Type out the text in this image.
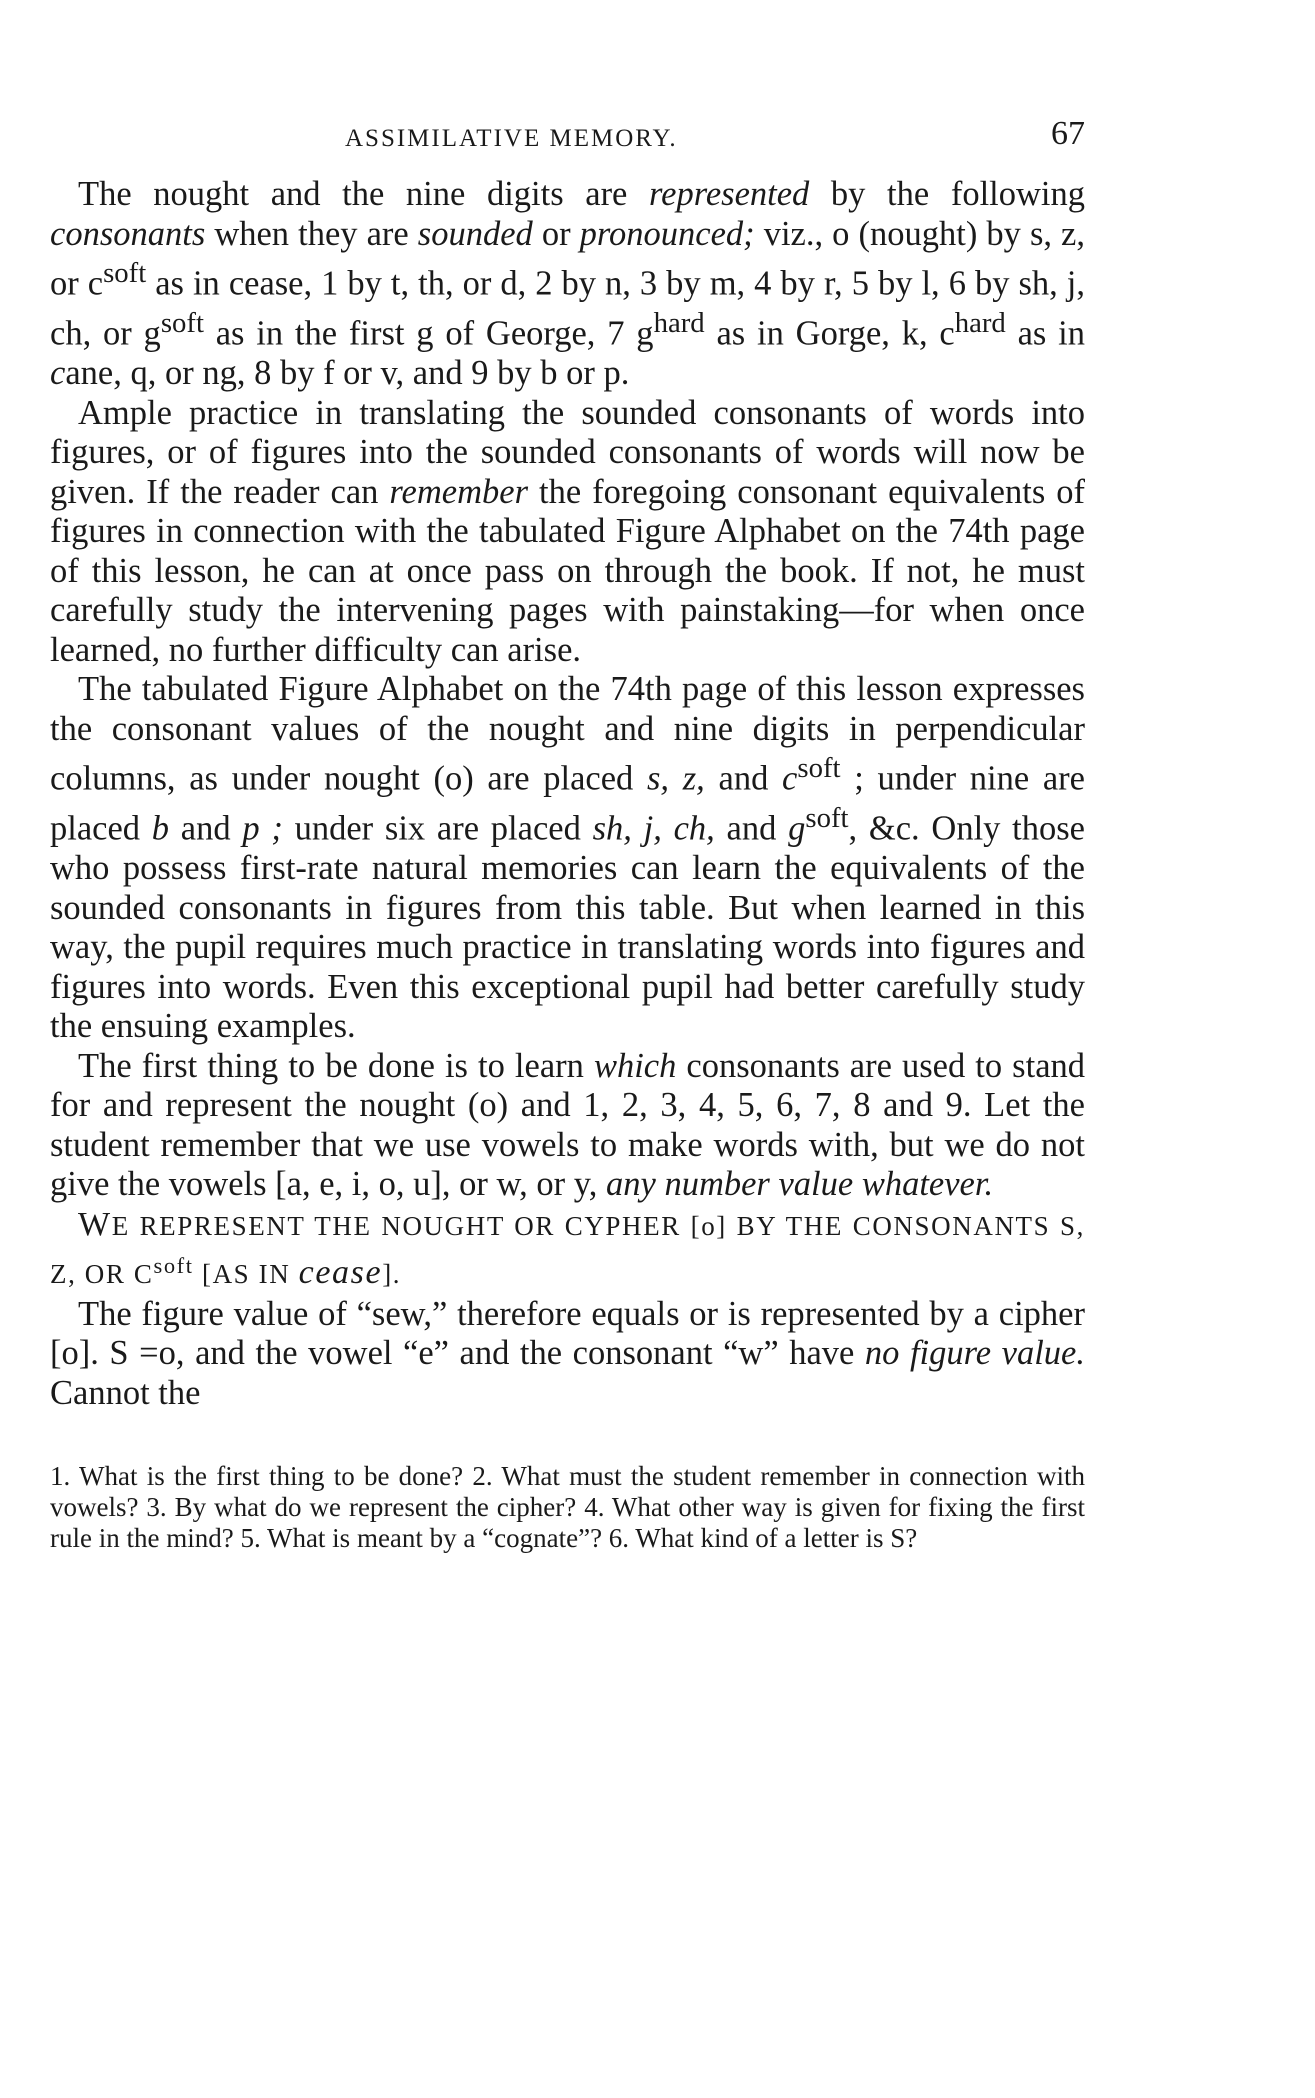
ASSIMILATIVE MEMORY.	67

The nought and the nine digits are represented by the following consonants when they are sounded or pronounced; viz., o (nought) by s, z, or $c^{soft}$ as in cease, 1 by t, th, or d, 2 by n, 3 by m, 4 by r, 5 by l, 6 by sh, j, ch, or $g^{soft}$ as in the first g of George, 7 $g^{hard}$ as in Gorge, k, $c^{hard}$ as in cane, q, or ng, 8 by f or v, and 9 by b or p.

Ample practice in translating the sounded consonants of words into figures, or of figures into the sounded consonants of words will now be given. If the reader can remember the foregoing consonant equivalents of figures in connection with the tabulated Figure Alphabet on the 74th page of this lesson, he can at once pass on through the book. If not, he must carefully study the intervening pages with painstaking—for when once learned, no further difficulty can arise.

The tabulated Figure Alphabet on the 74th page of this lesson expresses the consonant values of the nought and nine digits in perpendicular columns, as under nought (o) are placed s, z, and $c^{soft}$ ; under nine are placed b and p ; under six are placed sh, j, ch, and $g^{soft}$, &c. Only those who possess first-rate natural memories can learn the equivalents of the sounded consonants in figures from this table. But when learned in this way, the pupil requires much practice in translating words into figures and figures into words. Even this exceptional pupil had better carefully study the ensuing examples.

The first thing to be done is to learn which consonants are used to stand for and represent the nought (o) and 1, 2, 3, 4, 5, 6, 7, 8 and 9. Let the student remember that we use vowels to make words with, but we do not give the vowels [a, e, i, o, u], or w, or y, any number value whatever.

WE REPRESENT THE NOUGHT OR CYPHER [o] BY THE CONSONANTS S, Z, OR $C^{soft}$ [AS IN cease].

The figure value of “sew,” therefore equals or is represented by a cipher [o]. S =o, and the vowel “e” and the consonant “w” have no figure value. Cannot the

1. What is the first thing to be done? 2. What must the student remember in connection with vowels? 3. By what do we represent the cipher? 4. What other way is given for fixing the first rule in the mind? 5. What is meant by a “cognate”? 6. What kind of a letter is S?
